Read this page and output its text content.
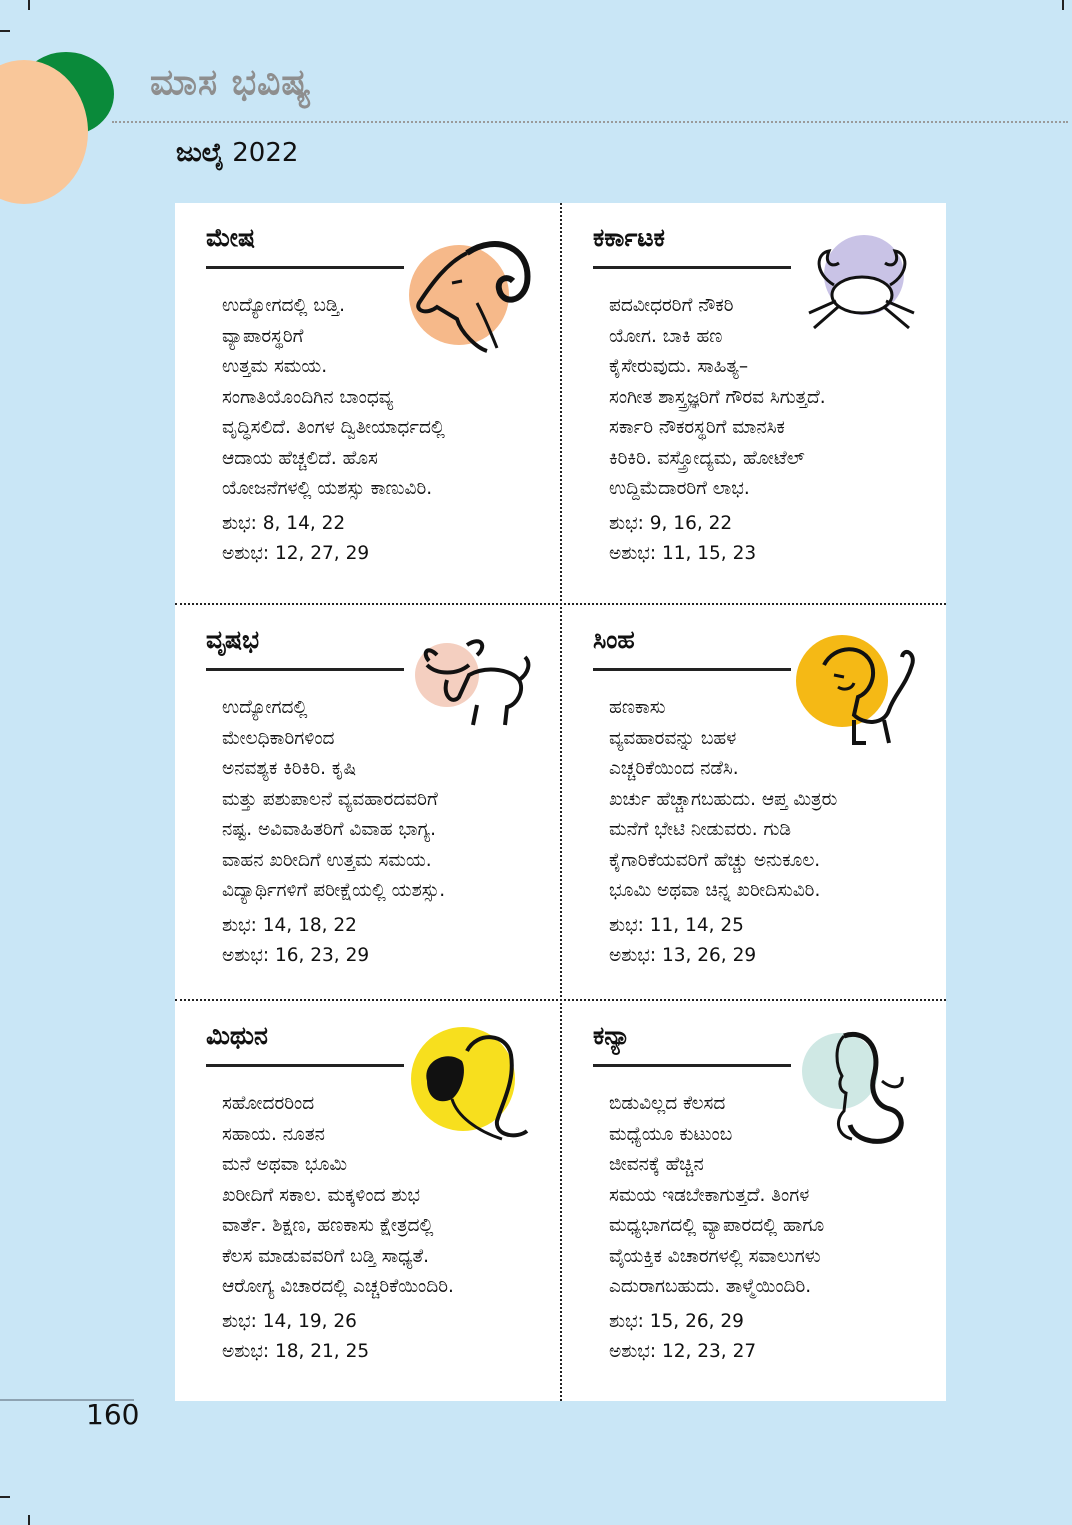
ಮಾಸ ಭವಿಷ್ಯ
ಜುಲೈ 2022
ಮೇಷ
ಉದ್ಯೋಗದಲ್ಲಿ ಬಡ್ತಿ.
ವ್ಯಾಪಾರಸ್ಥರಿಗೆ
ಉತ್ತಮ ಸಮಯ.
ಸಂಗಾತಿಯೊಂದಿಗಿನ ಬಾಂಧವ್ಯ
ವೃದ್ಧಿಸಲಿದೆ. ತಿಂಗಳ ದ್ವಿತೀಯಾರ್ಧದಲ್ಲಿ
ಆದಾಯ ಹೆಚ್ಚಲಿದೆ. ಹೊಸ
ಯೋಜನೆಗಳಲ್ಲಿ ಯಶಸ್ಸು ಕಾಣುವಿರಿ.
ಶುಭ: 8, 14, 22
ಅಶುಭ: 12, 27, 29
ಕರ್ಕಾಟಕ
ಪದವೀಧರರಿಗೆ ನೌಕರಿ
ಯೋಗ. ಬಾಕಿ ಹಣ
ಕೈಸೇರುವುದು. ಸಾಹಿತ್ಯ–
ಸಂಗೀತ ಶಾಸ್ತ್ರಜ್ಞರಿಗೆ ಗೌರವ ಸಿಗುತ್ತದೆ.
ಸರ್ಕಾರಿ ನೌಕರಸ್ಥರಿಗೆ ಮಾನಸಿಕ
ಕಿರಿಕಿರಿ. ವಸ್ತ್ರೋದ್ಯಮ, ಹೋಟೆಲ್
ಉದ್ದಿಮೆದಾರರಿಗೆ ಲಾಭ.
ಶುಭ: 9, 16, 22
ಅಶುಭ: 11, 15, 23
ವೃಷಭ
ಉದ್ಯೋಗದಲ್ಲಿ
ಮೇಲಧಿಕಾರಿಗಳಿಂದ
ಅನವಶ್ಯಕ ಕಿರಿಕಿರಿ. ಕೃಷಿ
ಮತ್ತು ಪಶುಪಾಲನೆ ವ್ಯವಹಾರದವರಿಗೆ
ನಷ್ಟ. ಅವಿವಾಹಿತರಿಗೆ ವಿವಾಹ ಭಾಗ್ಯ.
ವಾಹನ ಖರೀದಿಗೆ ಉತ್ತಮ ಸಮಯ.
ವಿದ್ಯಾರ್ಥಿಗಳಿಗೆ ಪರೀಕ್ಷೆಯಲ್ಲಿ ಯಶಸ್ಸು.
ಶುಭ: 14, 18, 22
ಅಶುಭ: 16, 23, 29
ಸಿಂಹ
ಹಣಕಾಸು
ವ್ಯವಹಾರವನ್ನು ಬಹಳ
ಎಚ್ಚರಿಕೆಯಿಂದ ನಡೆಸಿ.
ಖರ್ಚು ಹೆಚ್ಚಾಗಬಹುದು. ಆಪ್ತ ಮಿತ್ರರು
ಮನೆಗೆ ಭೇಟಿ ನೀಡುವರು. ಗುಡಿ
ಕೈಗಾರಿಕೆಯವರಿಗೆ ಹೆಚ್ಚು ಅನುಕೂಲ.
ಭೂಮಿ ಅಥವಾ ಚಿನ್ನ ಖರೀದಿಸುವಿರಿ.
ಶುಭ: 11, 14, 25
ಅಶುಭ: 13, 26, 29
ಮಿಥುನ
ಸಹೋದರರಿಂದ
ಸಹಾಯ. ನೂತನ
ಮನೆ ಅಥವಾ ಭೂಮಿ
ಖರೀದಿಗೆ ಸಕಾಲ. ಮಕ್ಕಳಿಂದ ಶುಭ
ವಾರ್ತೆ. ಶಿಕ್ಷಣ, ಹಣಕಾಸು ಕ್ಷೇತ್ರದಲ್ಲಿ
ಕೆಲಸ ಮಾಡುವವರಿಗೆ ಬಡ್ತಿ ಸಾಧ್ಯತೆ.
ಆರೋಗ್ಯ ವಿಚಾರದಲ್ಲಿ ಎಚ್ಚರಿಕೆಯಿಂದಿರಿ.
ಶುಭ: 14, 19, 26
ಅಶುಭ: 18, 21, 25
ಕನ್ಯಾ
ಬಿಡುವಿಲ್ಲದ ಕೆಲಸದ
ಮಧ್ಯೆಯೂ ಕುಟುಂಬ
ಜೀವನಕ್ಕೆ ಹೆಚ್ಚಿನ
ಸಮಯ ಇಡಬೇಕಾಗುತ್ತದೆ. ತಿಂಗಳ
ಮಧ್ಯಭಾಗದಲ್ಲಿ ವ್ಯಾಪಾರದಲ್ಲಿ ಹಾಗೂ
ವೈಯಕ್ತಿಕ ವಿಚಾರಗಳಲ್ಲಿ ಸವಾಲುಗಳು
ಎದುರಾಗಬಹುದು. ತಾಳ್ಮೆಯಿಂದಿರಿ.
ಶುಭ: 15, 26, 29
ಅಶುಭ: 12, 23, 27
160
